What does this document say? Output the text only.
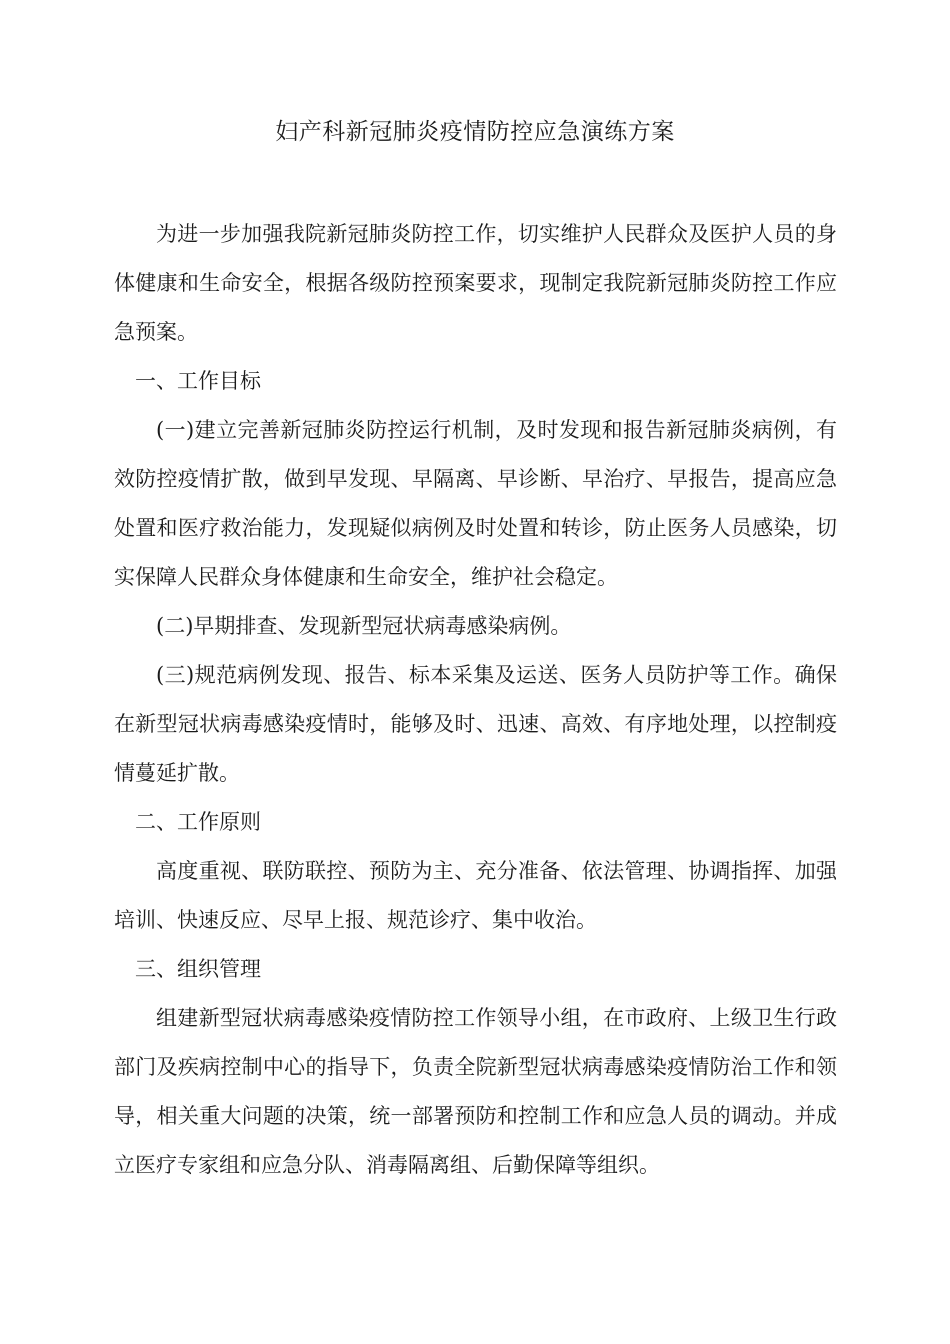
妇产科新冠肺炎疫情防控应急演练方案

为进一步加强我院新冠肺炎防控工作，切实维护人民群众及医护人员的身体健康和生命安全，根据各级防控预案要求，现制定我院新冠肺炎防控工作应急预案。

一、工作目标

(一)建立完善新冠肺炎防控运行机制，及时发现和报告新冠肺炎病例，有效防控疫情扩散，做到早发现、早隔离、早诊断、早治疗、早报告，提高应急处置和医疗救治能力，发现疑似病例及时处置和转诊，防止医务人员感染，切实保障人民群众身体健康和生命安全，维护社会稳定。

(二)早期排查、发现新型冠状病毒感染病例。

(三)规范病例发现、报告、标本采集及运送、医务人员防护等工作。确保在新型冠状病毒感染疫情时，能够及时、迅速、高效、有序地处理，以控制疫情蔓延扩散。

二、工作原则

高度重视、联防联控、预防为主、充分准备、依法管理、协调指挥、加强培训、快速反应、尽早上报、规范诊疗、集中收治。

三、组织管理

组建新型冠状病毒感染疫情防控工作领导小组，在市政府、上级卫生行政部门及疾病控制中心的指导下，负责全院新型冠状病毒感染疫情防治工作和领导，相关重大问题的决策，统一部署预防和控制工作和应急人员的调动。并成立医疗专家组和应急分队、消毒隔离组、后勤保障等组织。
